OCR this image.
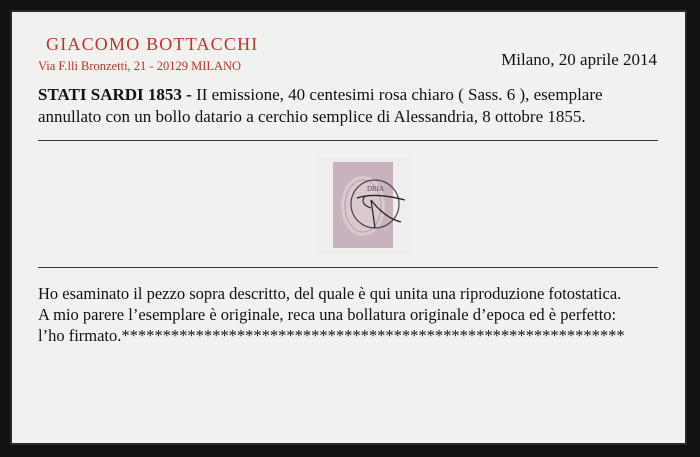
GIACOMO BOTTACCHI
Via F.lli Bronzetti, 21 - 20129 MILANO	Milano, 20 aprile 2014
STATI SARDI 1853 - II emissione, 40 centesimi rosa chiaro ( Sass. 6 ), esemplare
annullato con un bollo datario a cerchio semplice di Alessandria, 8 ottobre 1855.
DRIA
Ho esaminato il pezzo sopra descritto, del quale è qui unita una riproduzione fotostatica.
A mio parere l’esemplare è originale, reca una bollatura originale d’epoca ed è perfetto:
l’ho firmato.*************************************************************
